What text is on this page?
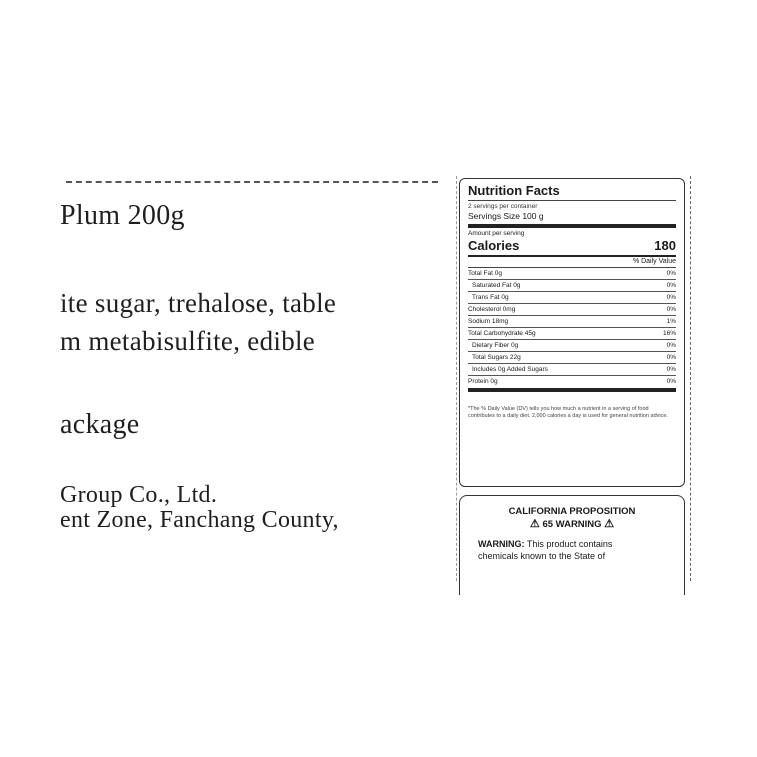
Plum 200g
ite sugar, trehalose, table
m metabisulfite, edible
ackage
Group Co., Ltd.
ent Zone, Fanchang County,
Nutrition Facts
2 servings per container
Servings Size 100 g
Amount per serving
Calories	180
% Daily Value
Total Fat 0g	0%
Saturated Fat 0g	0%
Trans Fat 0g	0%
Cholesterol 0mg	0%
Sodium 18mg	1%
Total Carbohydrate 45g	16%
Dietary Fiber 0g	0%
Total Sugars 22g	0%
Includes 0g Added Sugars	0%
Protein 0g	0%
*The % Daily Value (DV) tells you how much a nutrient in a serving of food contributes to a daily diet. 2,000 calories a day is used for general nutrition advice.
CALIFORNIA PROPOSITION
⚠ 65 WARNING ⚠
WARNING: This product contains
chemicals known to the State of
